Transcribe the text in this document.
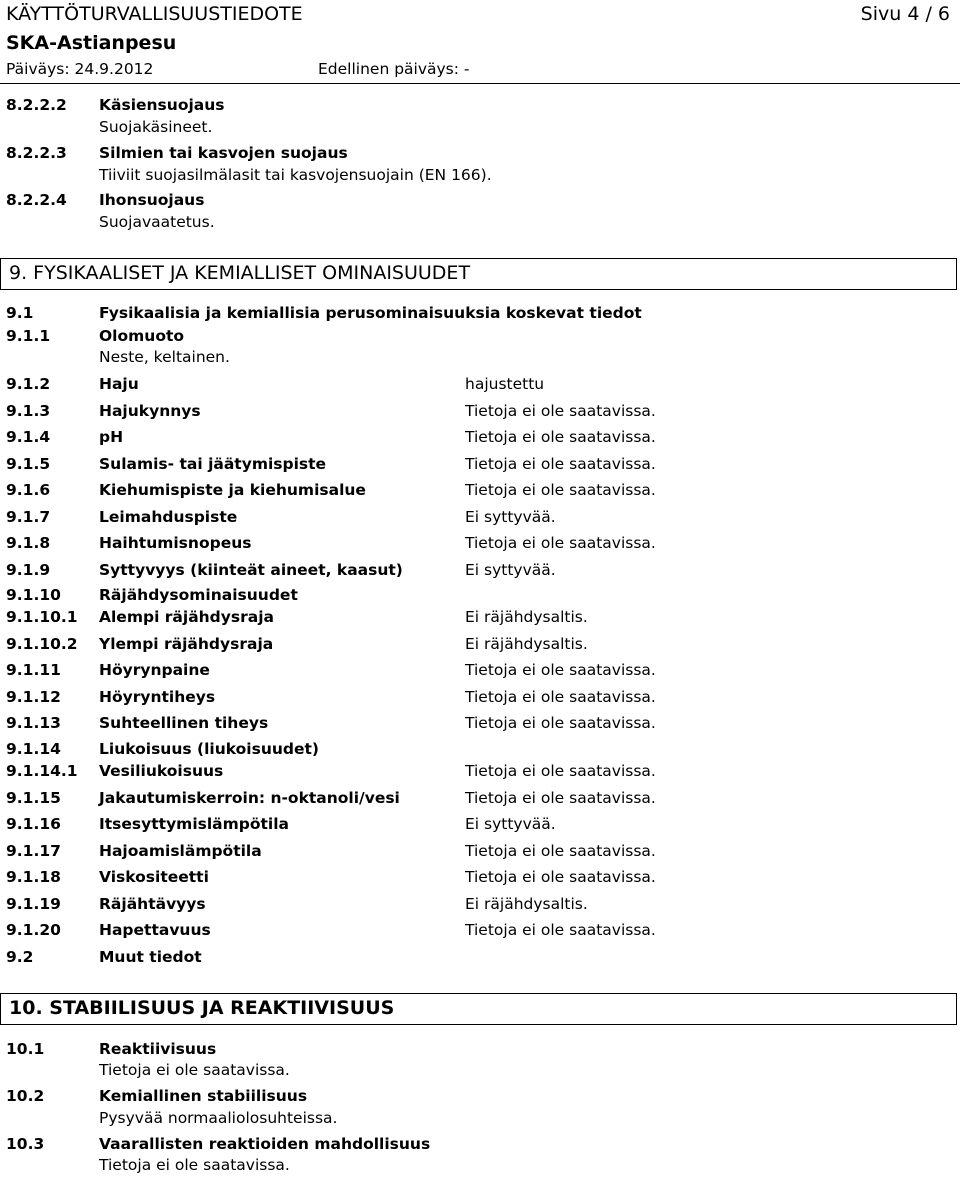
KÄYTTÖTURVALLISUUSTIEDOTE	Sivu 4 / 6
SKA-Astianpesu
Päiväys: 24.9.2012	Edellinen päiväys: -
8.2.2.2 Käsiensuojaus
Suojakäsineet.
8.2.2.3 Silmien tai kasvojen suojaus
Tiiviit suojasilmälasit tai kasvojensuojain (EN 166).
8.2.2.4 Ihonsuojaus
Suojavaatetus.
9. FYSIKAALISET JA KEMIALLISET OMINAISUUDET
9.1	Fysikaalisia ja kemiallisia perusominaisuuksia koskevat tiedot
9.1.1	Olomuoto
Neste, keltainen.
9.1.2	Haju	hajustettu
9.1.3	Hajukynnys	Tietoja ei ole saatavissa.
9.1.4	pH	Tietoja ei ole saatavissa.
9.1.5	Sulamis- tai jäätymispiste	Tietoja ei ole saatavissa.
9.1.6	Kiehumispiste ja kiehumisalue	Tietoja ei ole saatavissa.
9.1.7	Leimahduspiste	Ei syttyvää.
9.1.8	Haihtumisnopeus	Tietoja ei ole saatavissa.
9.1.9	Syttyvyys (kiinteät aineet, kaasut)	Ei syttyvää.
9.1.10 Räjähdysominaisuudet
9.1.10.1 Alempi räjähdysraja	Ei räjähdysaltis.
9.1.10.2 Ylempi räjähdysraja	Ei räjähdysaltis.
9.1.11 Höyrynpaine	Tietoja ei ole saatavissa.
9.1.12 Höyryntiheys	Tietoja ei ole saatavissa.
9.1.13 Suhteellinen tiheys	Tietoja ei ole saatavissa.
9.1.14 Liukoisuus (liukoisuudet)
9.1.14.1 Vesiliukoisuus	Tietoja ei ole saatavissa.
9.1.15 Jakautumiskerroin: n-oktanoli/vesi	Tietoja ei ole saatavissa.
9.1.16 Itsesyttymislämpötila	Ei syttyvää.
9.1.17 Hajoamislämpötila	Tietoja ei ole saatavissa.
9.1.18 Viskositeetti	Tietoja ei ole saatavissa.
9.1.19 Räjähtävyys	Ei räjähdysaltis.
9.1.20 Hapettavuus	Tietoja ei ole saatavissa.
9.2	Muut tiedot
10. STABIILISUUS JA REAKTIIVISUUS
10.1	Reaktiivisuus
Tietoja ei ole saatavissa.
10.2	Kemiallinen stabiilisuus
Pysyvää normaaliolosuhteissa.
10.3	Vaarallisten reaktioiden mahdollisuus
Tietoja ei ole saatavissa.
